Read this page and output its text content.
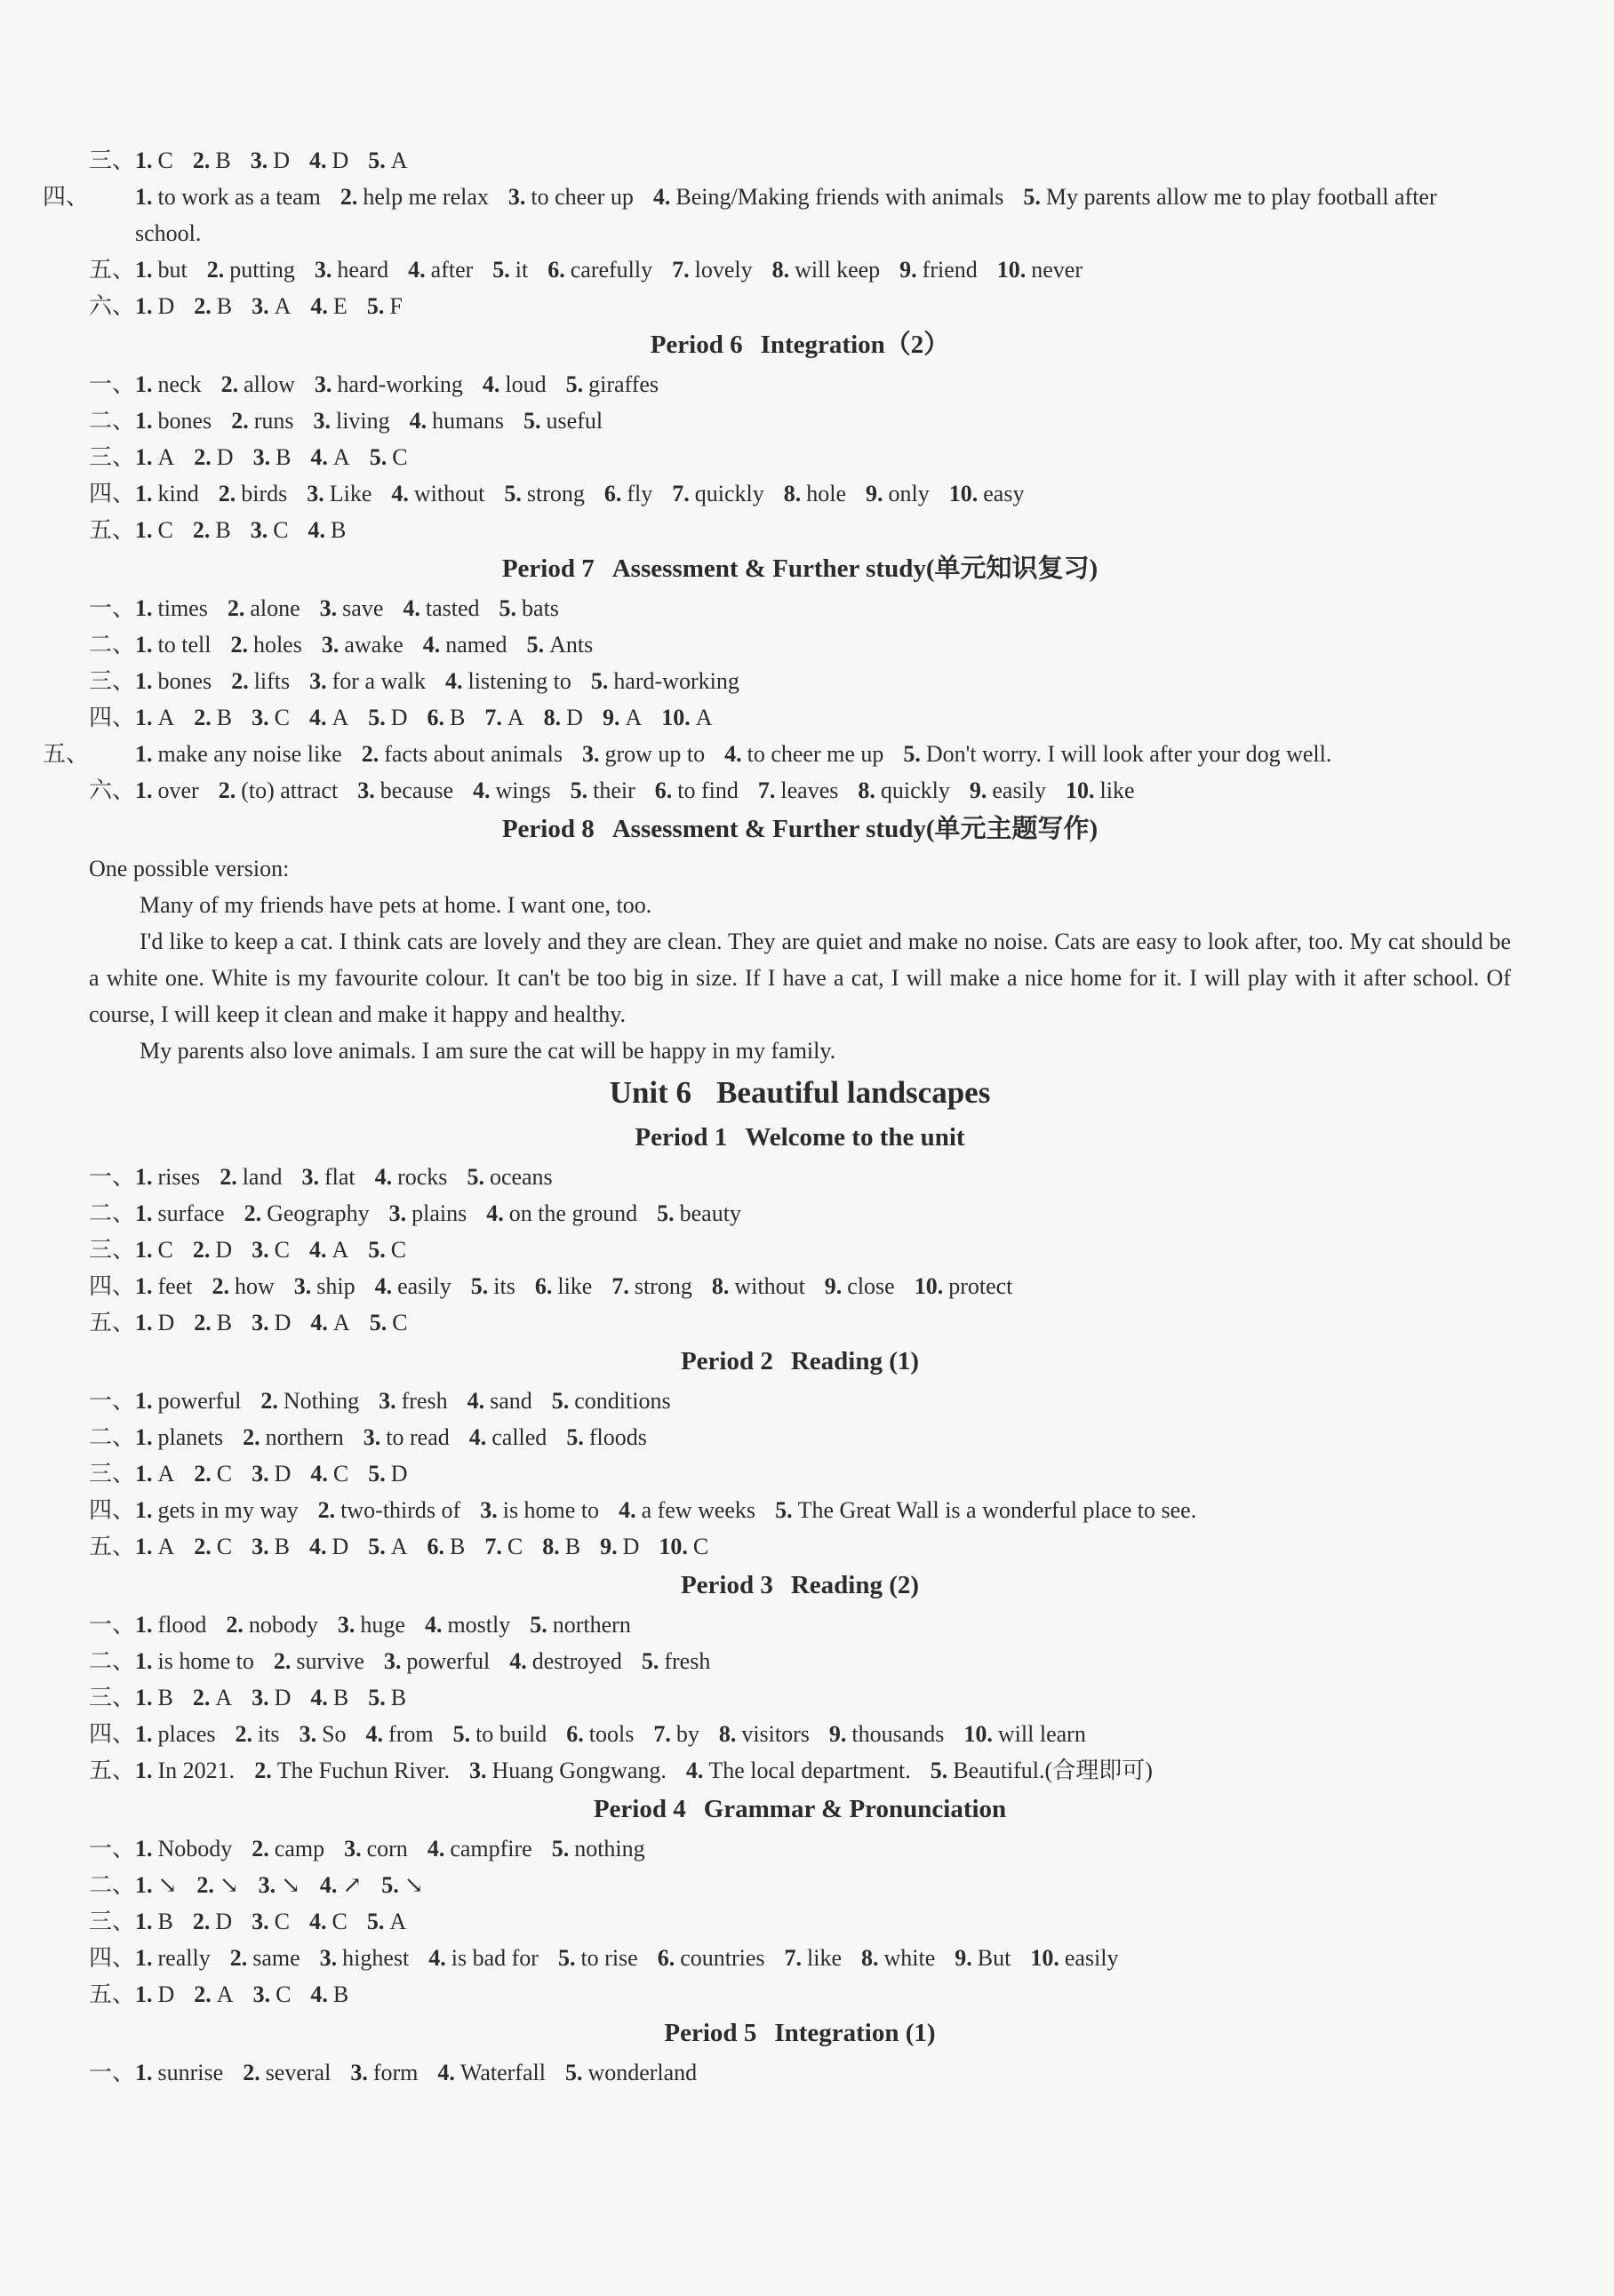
三、1. C 2. B 3. D 4. D 5. A
四、 1. to work as a team 2. help me relax 3. to cheer up 4. Being/Making friends with animals 5. My parents allow me to play football after school.
五、1. but 2. putting 3. heard 4. after 5. it 6. carefully 7. lovely 8. will keep 9. friend 10. never
六、1. D 2. B 3. A 4. E 5. F
Period 6 Integration（2）
一、1. neck 2. allow 3. hard-working 4. loud 5. giraffes
二、1. bones 2. runs 3. living 4. humans 5. useful
三、1. A 2. D 3. B 4. A 5. C
四、1. kind 2. birds 3. Like 4. without 5. strong 6. fly 7. quickly 8. hole 9. only 10. easy
五、1. C 2. B 3. C 4. B
Period 7 Assessment & Further study(单元知识复习)
一、1. times 2. alone 3. save 4. tasted 5. bats
二、1. to tell 2. holes 3. awake 4. named 5. Ants
三、1. bones 2. lifts 3. for a walk 4. listening to 5. hard-working
四、1. A 2. B 3. C 4. A 5. D 6. B 7. A 8. D 9. A 10. A
五、 1. make any noise like 2. facts about animals 3. grow up to 4. to cheer me up 5. Don't worry. I will look after your dog well.
六、1. over 2. (to) attract 3. because 4. wings 5. their 6. to find 7. leaves 8. quickly 9. easily 10. like
Period 8 Assessment & Further study(单元主题写作)
One possible version:

Many of my friends have pets at home. I want one, too.

I'd like to keep a cat. I think cats are lovely and they are clean. They are quiet and make no noise. Cats are easy to look after, too. My cat should be a white one. White is my favourite colour. It can't be too big in size. If I have a cat, I will make a nice home for it. I will play with it after school. Of course, I will keep it clean and make it happy and healthy.

My parents also love animals. I am sure the cat will be happy in my family.

Unit 6 Beautiful landscapes
Period 1 Welcome to the unit
一、1. rises 2. land 3. flat 4. rocks 5. oceans
二、1. surface 2. Geography 3. plains 4. on the ground 5. beauty
三、1. C 2. D 3. C 4. A 5. C
四、1. feet 2. how 3. ship 4. easily 5. its 6. like 7. strong 8. without 9. close 10. protect
五、1. D 2. B 3. D 4. A 5. C
Period 2 Reading (1)
一、1. powerful 2. Nothing 3. fresh 4. sand 5. conditions
二、1. planets 2. northern 3. to read 4. called 5. floods
三、1. A 2. C 3. D 4. C 5. D
四、1. gets in my way 2. two-thirds of 3. is home to 4. a few weeks 5. The Great Wall is a wonderful place to see.
五、1. A 2. C 3. B 4. D 5. A 6. B 7. C 8. B 9. D 10. C
Period 3 Reading (2)
一、1. flood 2. nobody 3. huge 4. mostly 5. northern
二、1. is home to 2. survive 3. powerful 4. destroyed 5. fresh
三、1. B 2. A 3. D 4. B 5. B
四、1. places 2. its 3. So 4. from 5. to build 6. tools 7. by 8. visitors 9. thousands 10. will learn
五、1. In 2021. 2. The Fuchun River. 3. Huang Gongwang. 4. The local department. 5. Beautiful.(合理即可)
Period 4 Grammar & Pronunciation
一、1. Nobody 2. camp 3. corn 4. campfire 5. nothing
二、1. ↘ 2. ↘ 3. ↘ 4. ↗ 5. ↘
三、1. B 2. D 3. C 4. C 5. A
四、1. really 2. same 3. highest 4. is bad for 5. to rise 6. countries 7. like 8. white 9. But 10. easily
五、1. D 2. A 3. C 4. B
Period 5 Integration (1)
一、1. sunrise 2. several 3. form 4. Waterfall 5. wonderland
